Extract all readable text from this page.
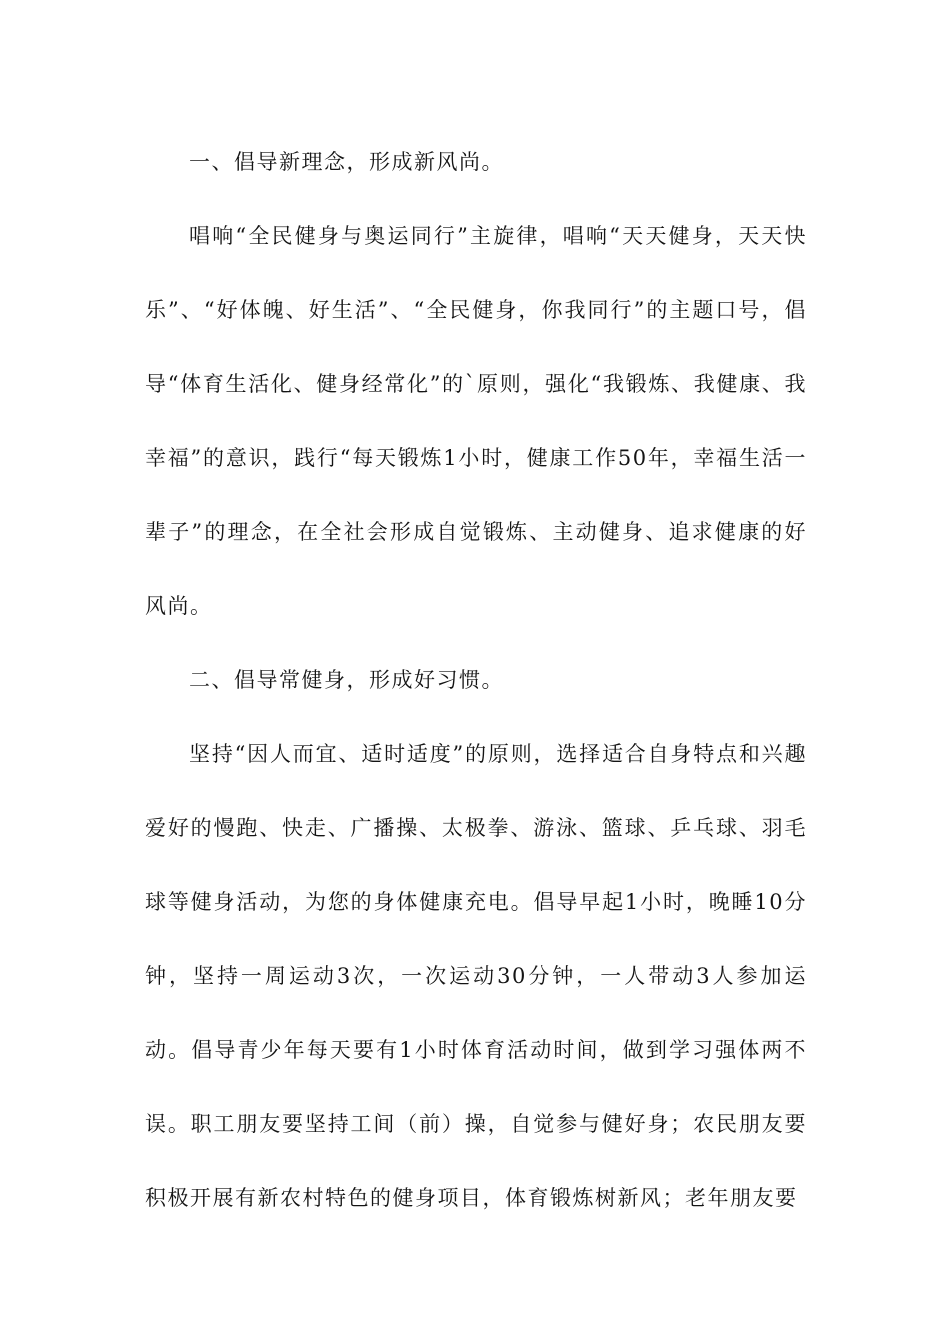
一、倡导新理念，形成新风尚。

唱响“全民健身与奥运同行”主旋律，唱响“天天健身，天天快乐”、“好体魄、好生活”、“全民健身，你我同行”的主题口号，倡导“体育生活化、健身经常化”的`原则，强化“我锻炼、我健康、我幸福”的意识，践行“每天锻炼1小时，健康工作50年，幸福生活一辈子”的理念，在全社会形成自觉锻炼、主动健身、追求健康的好风尚。

二、倡导常健身，形成好习惯。

坚持“因人而宜、适时适度”的原则，选择适合自身特点和兴趣爱好的慢跑、快走、广播操、太极拳、游泳、篮球、乒乓球、羽毛球等健身活动，为您的身体健康充电。倡导早起1小时，晚睡10分钟，坚持一周运动3次，一次运动30分钟，一人带动3人参加运动。倡导青少年每天要有1小时体育活动时间，做到学习强体两不误。职工朋友要坚持工间（前）操，自觉参与健好身；农民朋友要积极开展有新农村特色的健身项目，体育锻炼树新风；老年朋友要
